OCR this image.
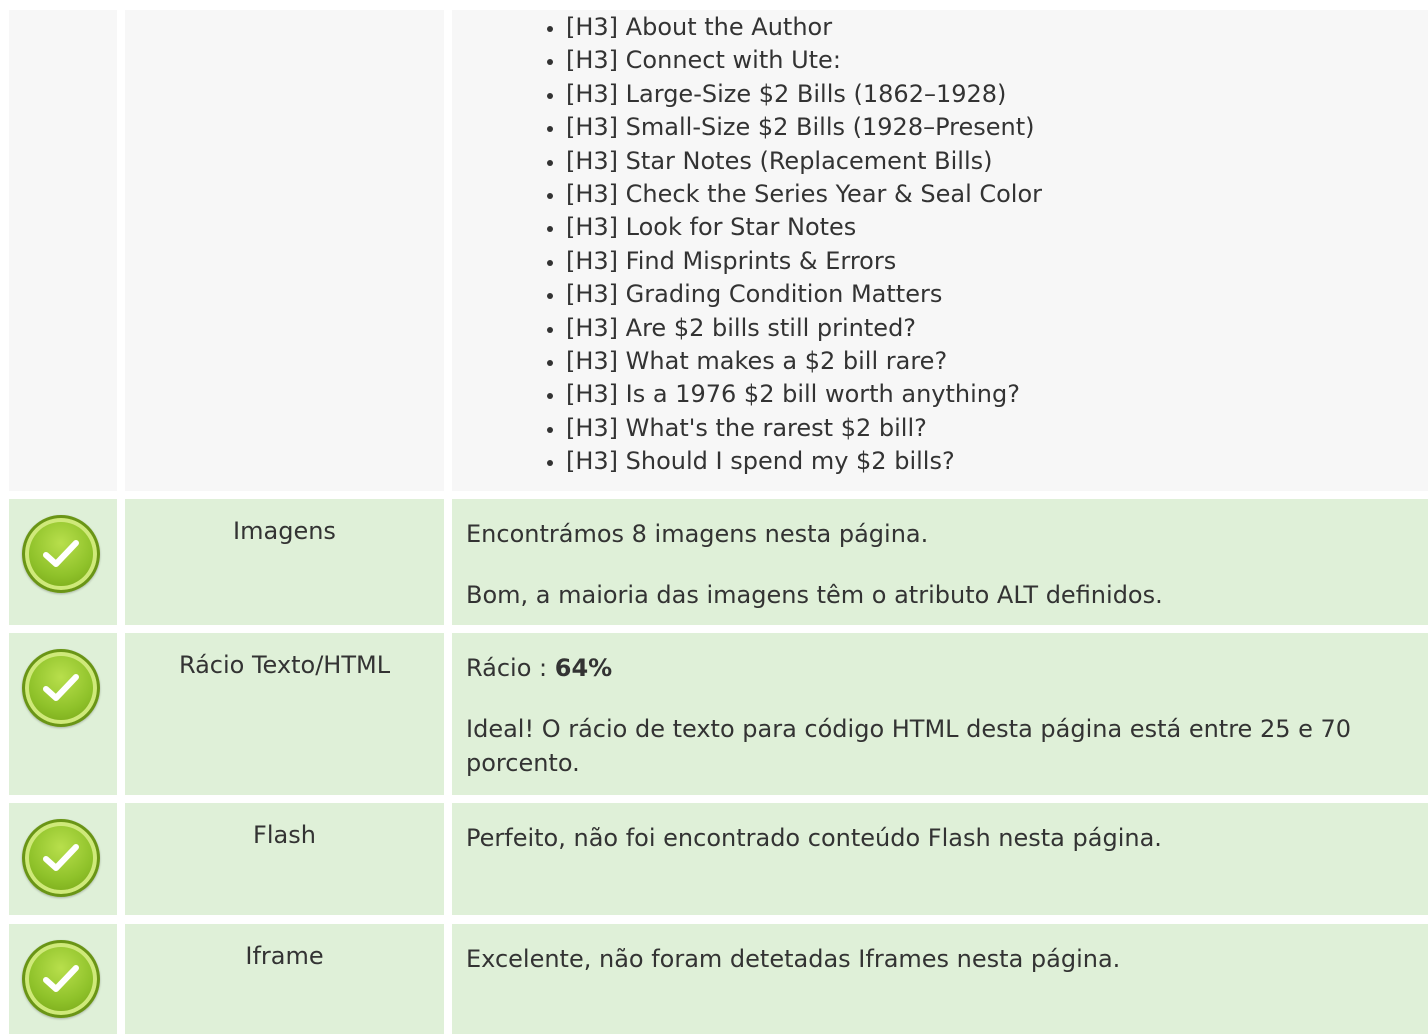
• [H3] About the Author
• [H3] Connect with Ute:
• [H3] Large-Size $2 Bills (1862–1928)
• [H3] Small-Size $2 Bills (1928–Present)
• [H3] Star Notes (Replacement Bills)
• [H3] Check the Series Year & Seal Color
• [H3] Look for Star Notes
• [H3] Find Misprints & Errors
• [H3] Grading Condition Matters
• [H3] Are $2 bills still printed?
• [H3] What makes a $2 bill rare?
• [H3] Is a 1976 $2 bill worth anything?
• [H3] What's the rarest $2 bill?
• [H3] Should I spend my $2 bills?
Imagens	Encontrámos 8 imagens nesta página.

Bom, a maioria das imagens têm o atributo ALT definidos.

Rácio Texto/HTML	Rácio : 64%

Ideal! O rácio de texto para código HTML desta página está entre 25 e 70 porcento.

Flash	Perfeito, não foi encontrado conteúdo Flash nesta página.

Iframe	Excelente, não foram detetadas Iframes nesta página.
